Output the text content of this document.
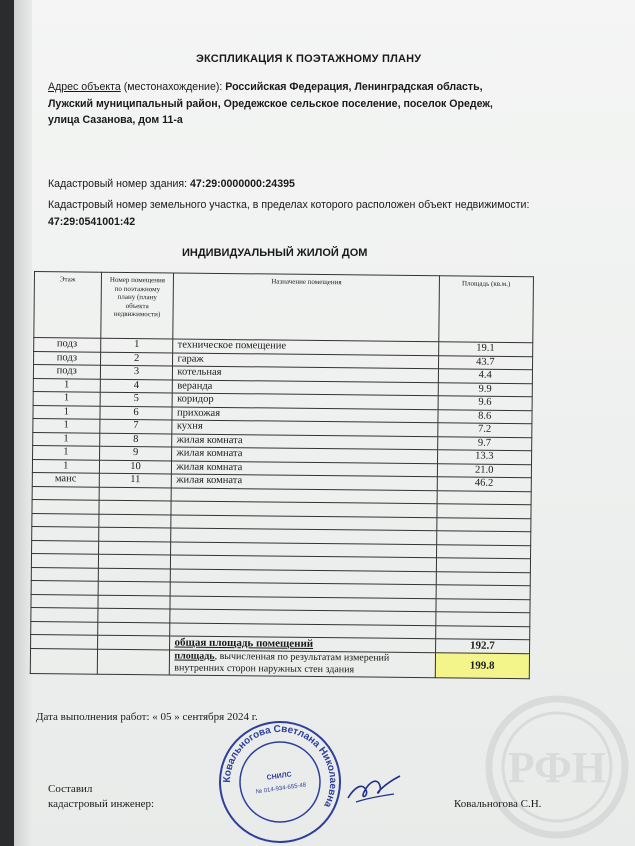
ЭКСПЛИКАЦИЯ К ПОЭТАЖНОМУ ПЛАНУ
Адрес объекта (местонахождение): Российская Федерация, Ленинградская область,
Лужский муниципальный район, Оредежское сельское поселение, поселок Оредеж,
улица Сазанова, дом 11-а
Кадастровый номер здания: 47:29:0000000:24395
Кадастровый номер земельного участка, в пределах которого расположен объект недвижимости:
47:29:0541001:42
ИНДИВИДУАЛЬНЫЙ ЖИЛОЙ ДОМ
Этаж	Номер помещения по поэтажному плану (плану объекта недвижимости)	Назначение помещения	Площадь (кв.м.)
подз	1	техническое помещение	19.1
подз	2	гараж	43.7
подз	3	котельная	4.4
1	4	веранда	9.9
1	5	коридор	9.6
1	6	прихожая	8.6
1	7	кухня	7.2
1	8	жилая комната	9.7
1	9	жилая комната	13.3
1	10	жилая комната	21.0
манс	11	жилая комната	46.2

		общая площадь помещений	192.7
		площадь, вычисленная по результатам измерений внутренних сторон наружных стен здания	199.8
Дата выполнения работ: « 05 » сентября 2024 г.
РФН
Ковальногова Светлана Николаевна
СНИЛС
№ 014-934-655-48
Составил
кадастровый инженер:	Ковальногова С.Н.
